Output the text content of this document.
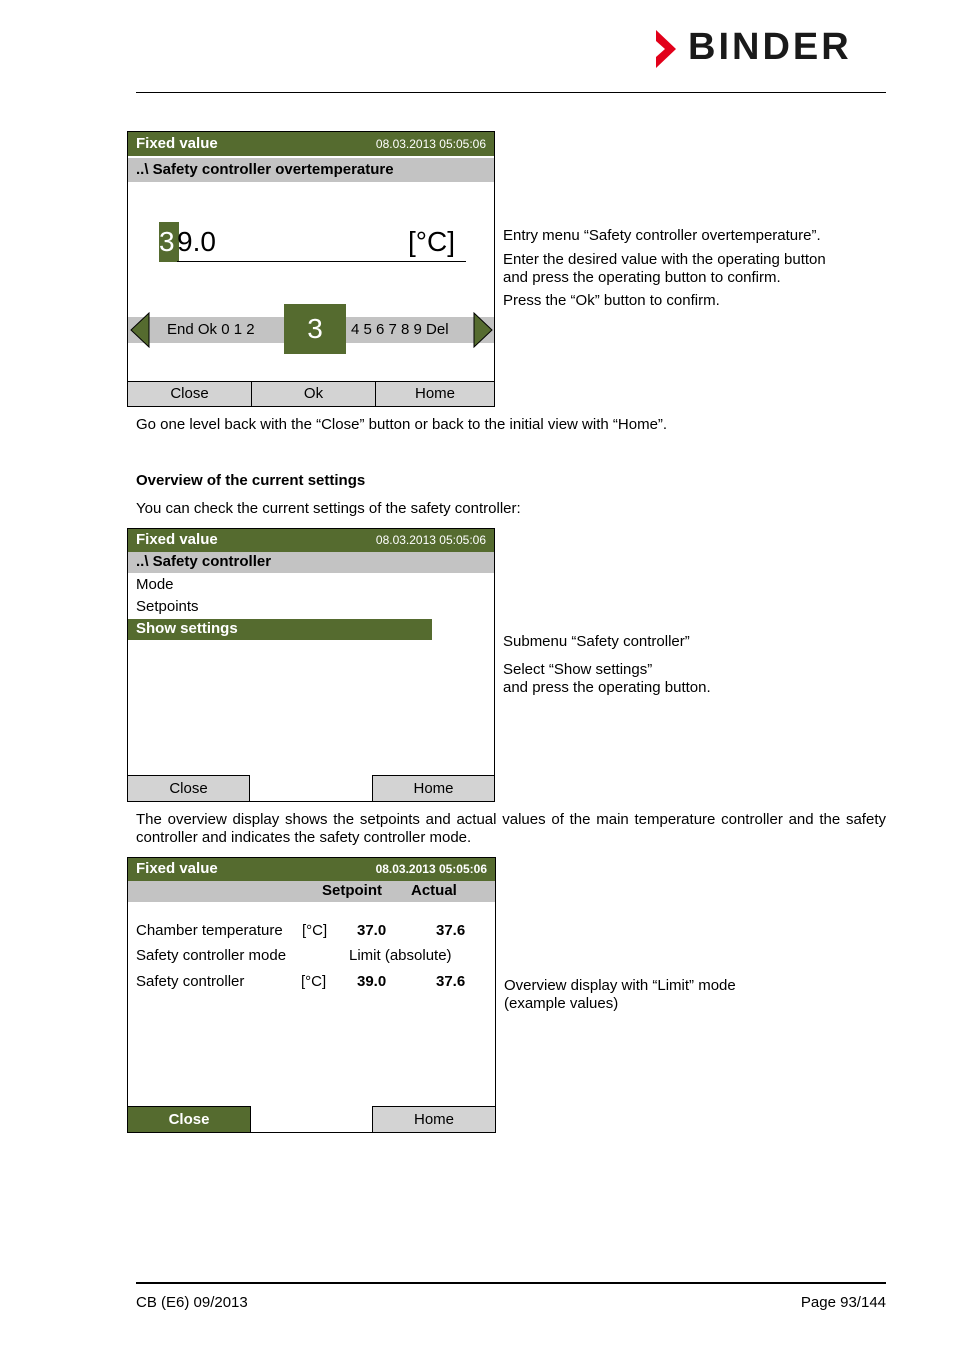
BINDER
Fixed value	08.03.2013 05:05:06
..\ Safety controller overtemperature
3 9.0	[°C]
End Ok 0 1 2	3	4 5 6 7 8 9 Del
Close	Ok	Home
Entry menu “Safety controller overtemperature”.
Enter the desired value with the operating button
and press the operating button to confirm.
Press the “Ok” button to confirm.
Go one level back with the “Close” button or back to the initial view with “Home”.
Overview of the current settings
You can check the current settings of the safety controller:
Fixed value	08.03.2013 05:05:06
..\ Safety controller
Mode
Setpoints
Show settings
Close	Home
Submenu “Safety controller”
Select “Show settings”
and press the operating button.
The overview display shows the setpoints and actual values of the main temperature controller and the safety controller and indicates the safety controller mode.
Fixed value	08.03.2013 05:05:06
Setpoint Actual
Chamber temperature [°C] 37.0	37.6
Safety controller mode	Limit (absolute)
Safety controller	[°C] 39.0	37.6
Close	Home
Overview display with “Limit” mode
(example values)
CB (E6) 09/2013	Page 93/144
